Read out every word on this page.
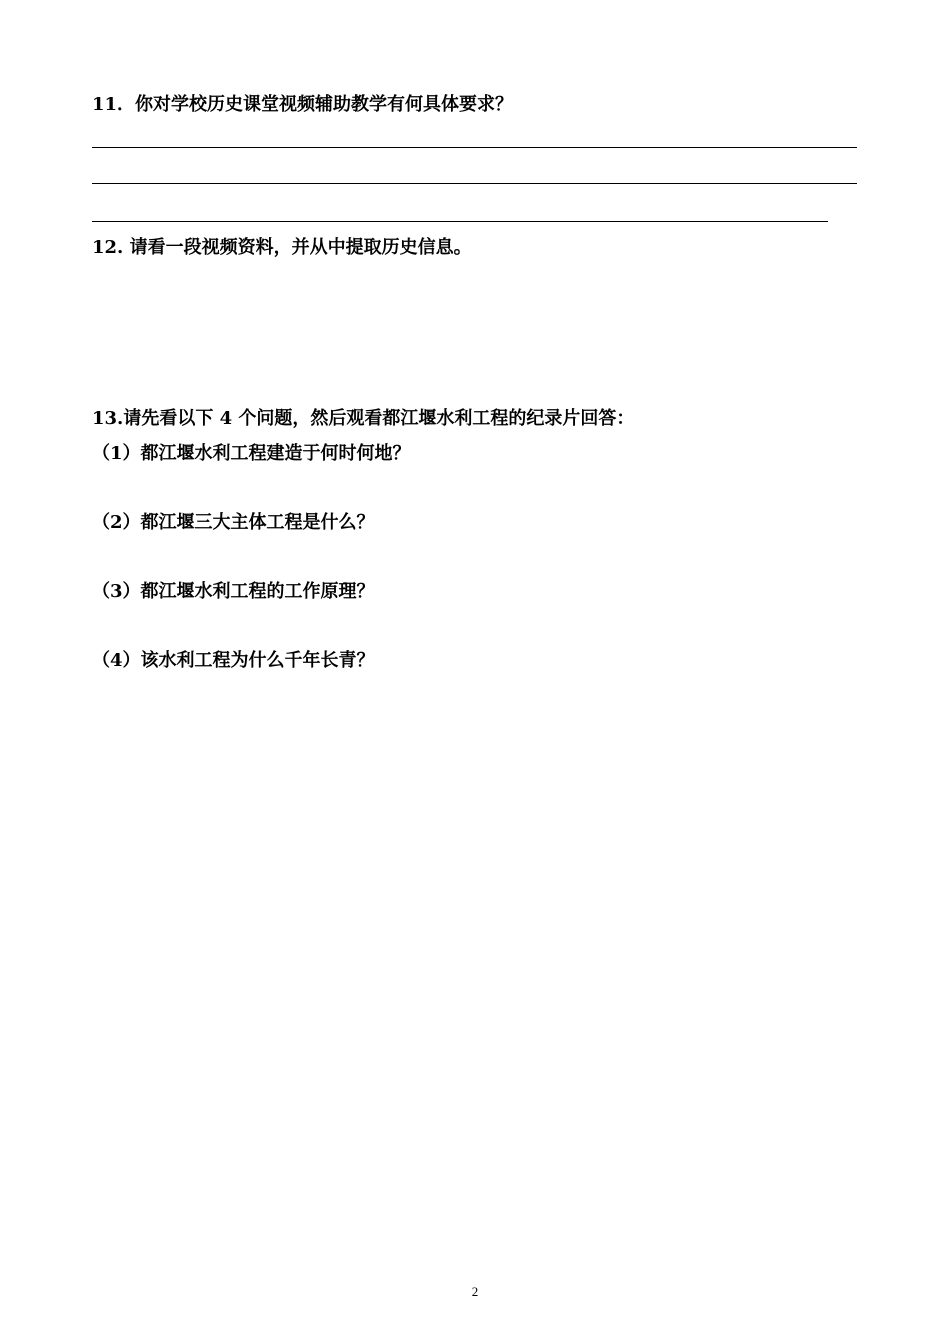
11．你对学校历史课堂视频辅助教学有何具体要求？
12. 请看一段视频资料，并从中提取历史信息。
13.请先看以下 4 个问题，然后观看都江堰水利工程的纪录片回答：
（1）都江堰水利工程建造于何时何地？
（2）都江堰三大主体工程是什么？
（3）都江堰水利工程的工作原理？
（4）该水利工程为什么千年长青？
2
